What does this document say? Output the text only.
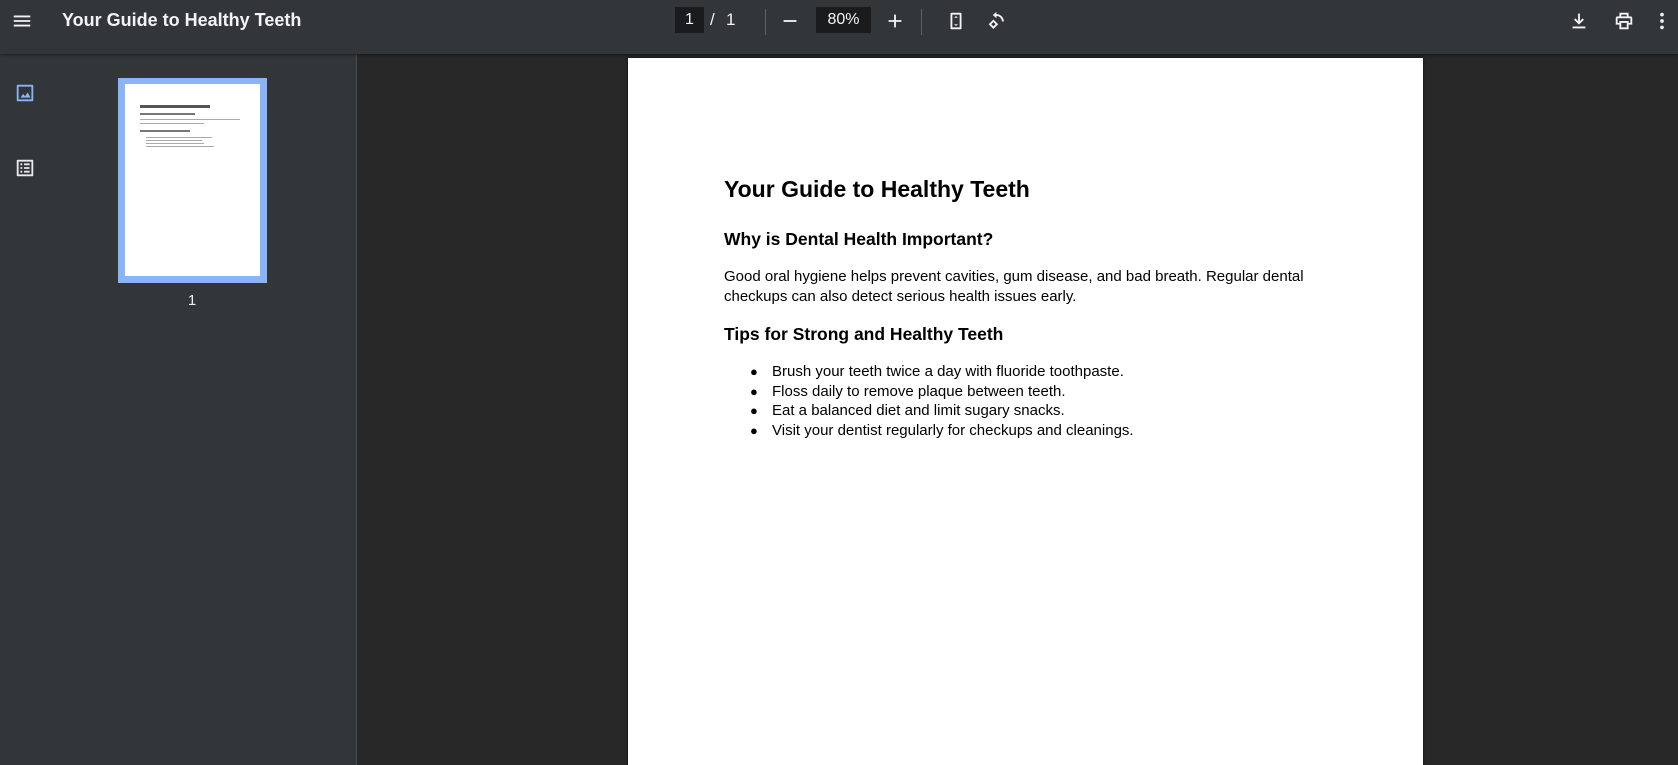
Your Guide to Healthy Teeth
1	/ 1
80%
1
Your Guide to Healthy Teeth
Why is Dental Health Important?
Good oral hygiene helps prevent cavities, gum disease, and bad breath. Regular dental checkups can also detect serious health issues early.
Tips for Strong and Healthy Teeth
● Brush your teeth twice a day with fluoride toothpaste.
● Floss daily to remove plaque between teeth.
● Eat a balanced diet and limit sugary snacks.
● Visit your dentist regularly for checkups and cleanings.
